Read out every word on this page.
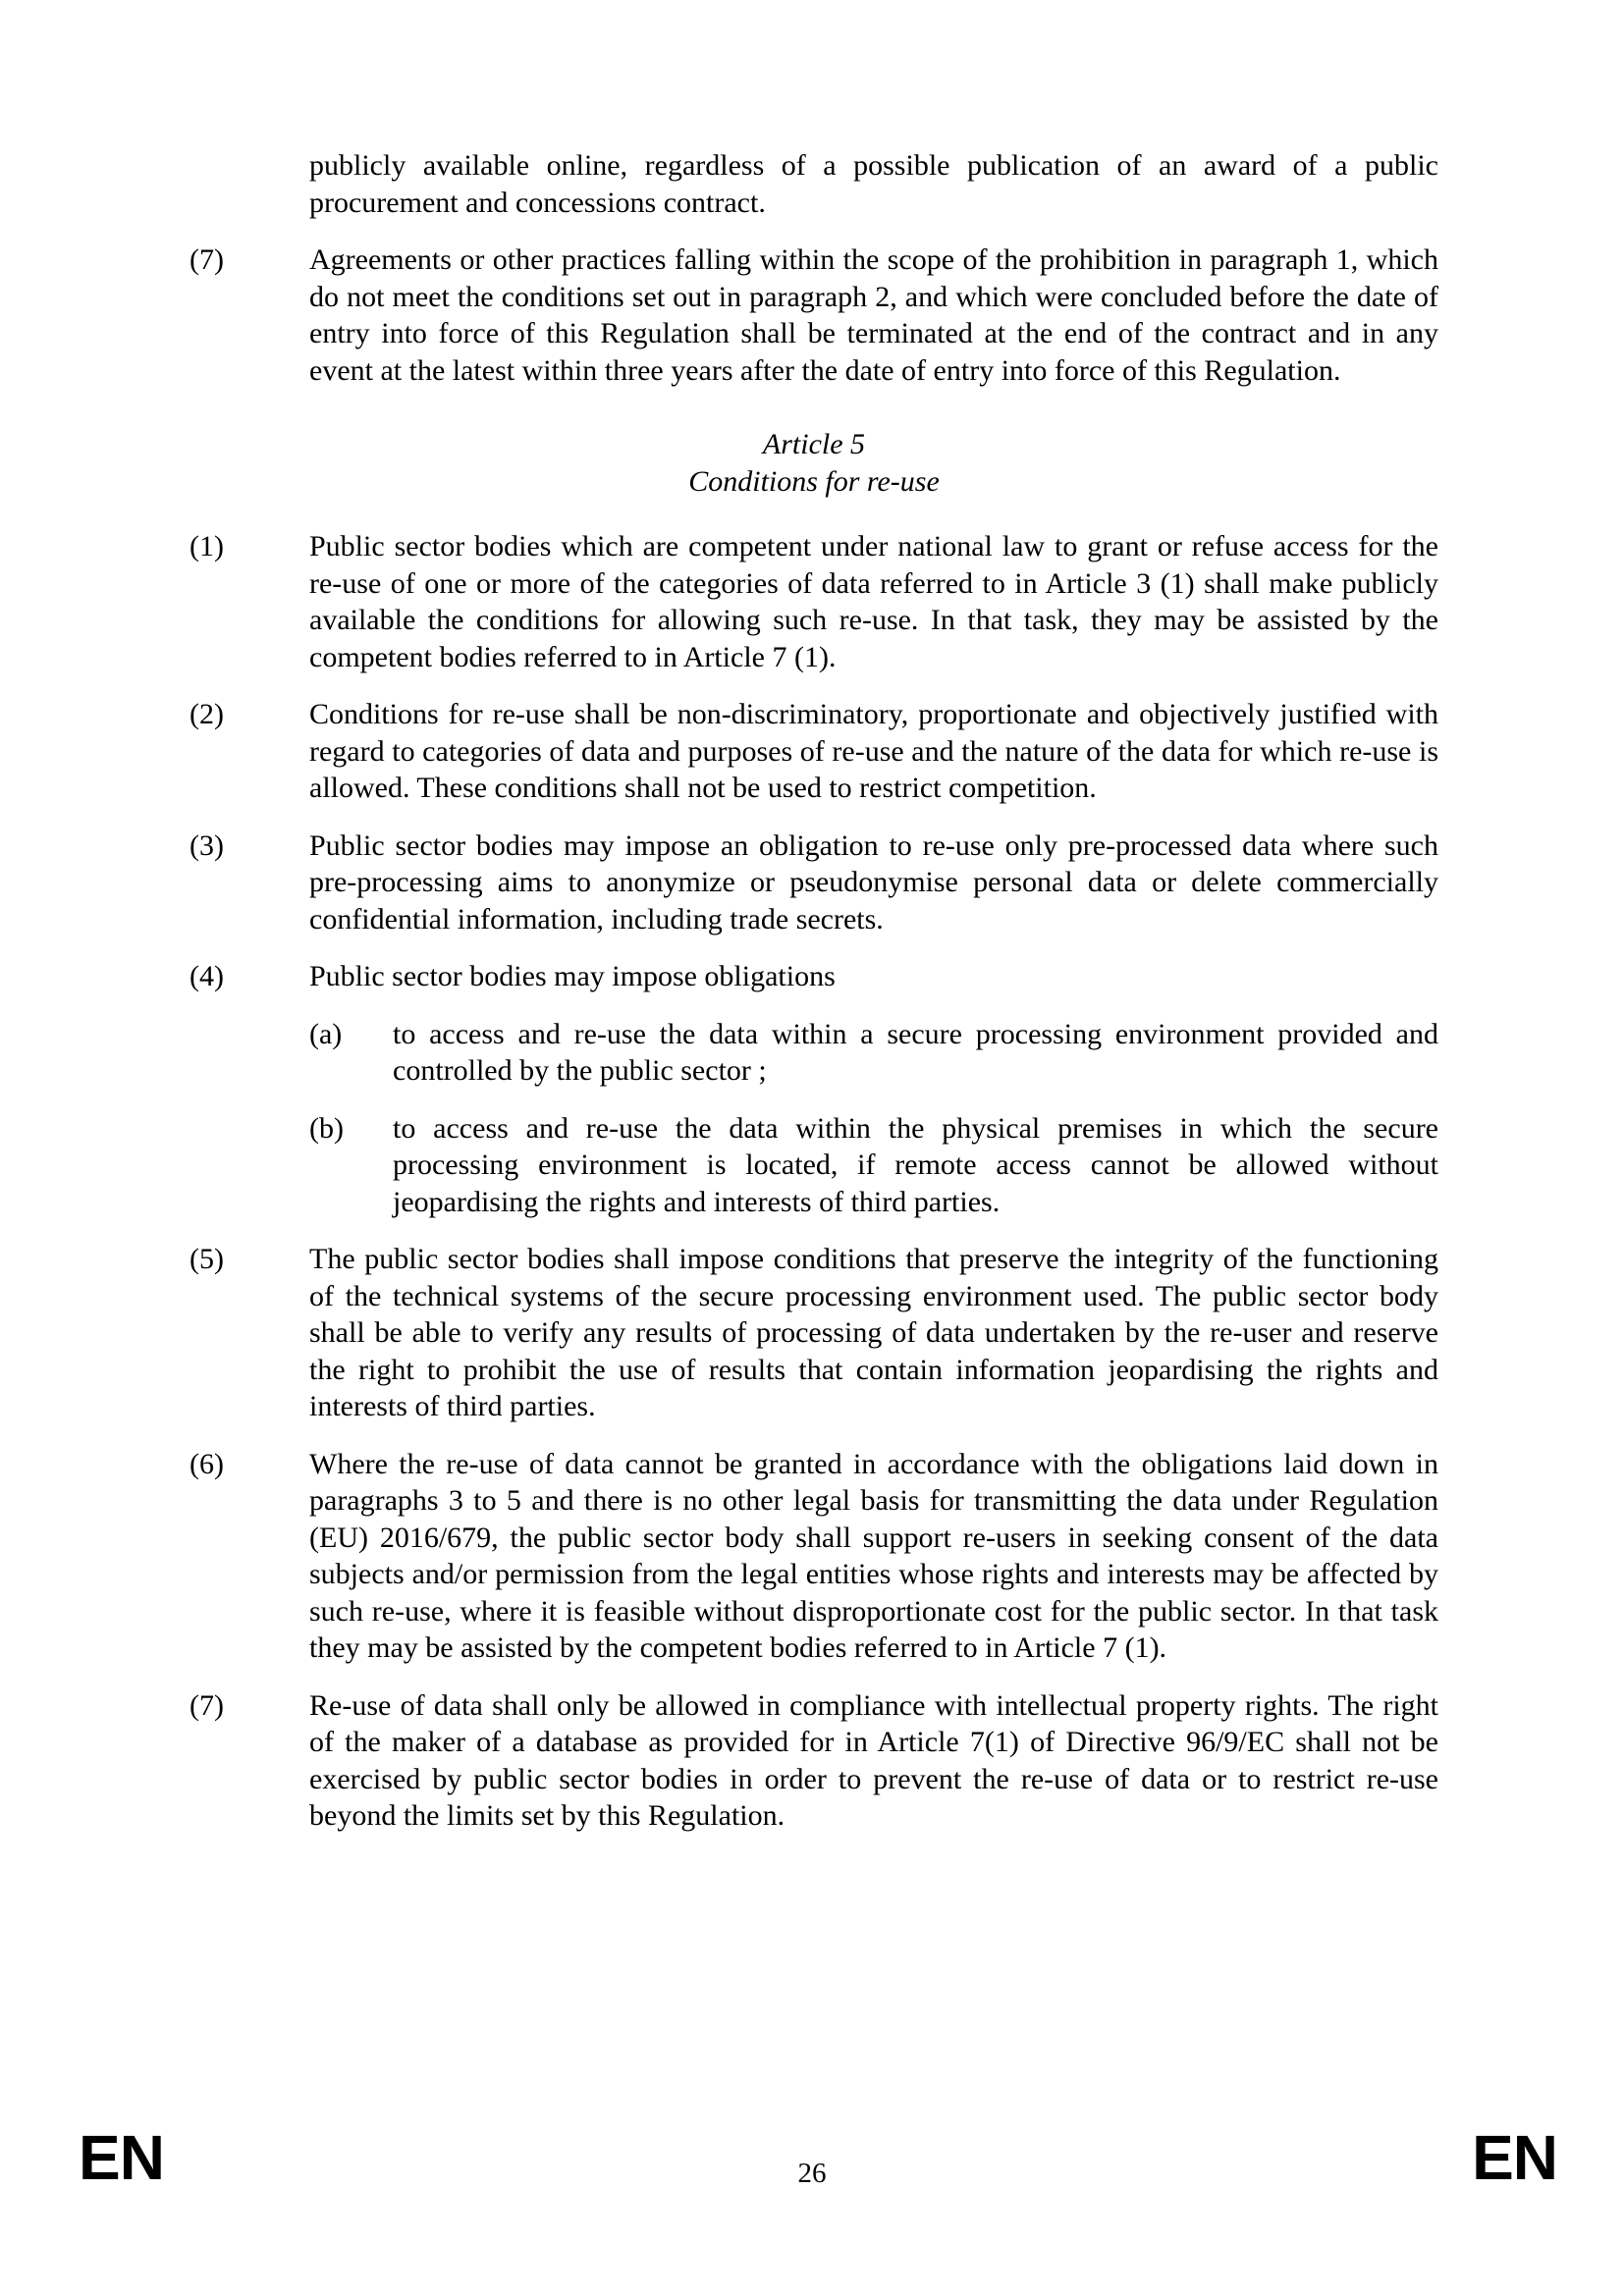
publicly available online, regardless of a possible publication of an award of a public procurement and concessions contract.

(7)	Agreements or other practices falling within the scope of the prohibition in paragraph 1, which do not meet the conditions set out in paragraph 2, and which were concluded before the date of entry into force of this Regulation shall be terminated at the end of the contract and in any event at the latest within three years after the date of entry into force of this Regulation.

Article 5
Conditions for re-use
(1)	Public sector bodies which are competent under national law to grant or refuse access for the re-use of one or more of the categories of data referred to in Article 3 (1) shall make publicly available the conditions for allowing such re-use. In that task, they may be assisted by the competent bodies referred to in Article 7 (1).

(2)	Conditions for re-use shall be non-discriminatory, proportionate and objectively justified with regard to categories of data and purposes of re-use and the nature of the data for which re-use is allowed. These conditions shall not be used to restrict competition.

(3)	Public sector bodies may impose an obligation to re-use only pre-processed data where such pre-processing aims to anonymize or pseudonymise personal data or delete commercially confidential information, including trade secrets.

(4)	Public sector bodies may impose obligations

(a) to access and re-use the data within a secure processing environment provided and controlled by the public sector ;

(b) to access and re-use the data within the physical premises in which the secure processing environment is located, if remote access cannot be allowed without jeopardising the rights and interests of third parties.

(5)	The public sector bodies shall impose conditions that preserve the integrity of the functioning of the technical systems of the secure processing environment used. The public sector body shall be able to verify any results of processing of data undertaken by the re-user and reserve the right to prohibit the use of results that contain information jeopardising the rights and interests of third parties.

(6)	Where the re-use of data cannot be granted in accordance with the obligations laid down in paragraphs 3 to 5 and there is no other legal basis for transmitting the data under Regulation (EU) 2016/679, the public sector body shall support re-users in seeking consent of the data subjects and/or permission from the legal entities whose rights and interests may be affected by such re-use, where it is feasible without disproportionate cost for the public sector. In that task they may be assisted by the competent bodies referred to in Article 7 (1).

(7)	Re-use of data shall only be allowed in compliance with intellectual property rights. The right of the maker of a database as provided for in Article 7(1) of Directive 96/9/EC shall not be exercised by public sector bodies in order to prevent the re-use of data or to restrict re-use beyond the limits set by this Regulation.

EN	26	EN
